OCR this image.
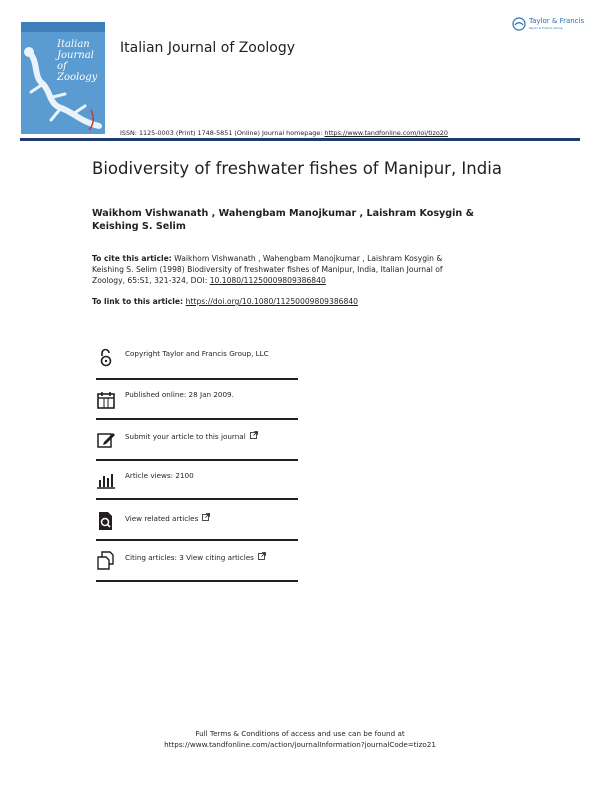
Italian
Journal of
Zoology
Italian Journal of Zoology
Taylor & Francis
Taylor & Francis Group
ISSN: 1125-0003 (Print) 1748-5851 (Online) Journal homepage: https://www.tandfonline.com/loi/tizo20
Biodiversity of freshwater fishes of Manipur, India
Waikhom Vishwanath , Wahengbam Manojkumar , Laishram Kosygin &
Keishing S. Selim
To cite this article: Waikhom Vishwanath , Wahengbam Manojkumar , Laishram Kosygin &
Keishing S. Selim (1998) Biodiversity of freshwater fishes of Manipur, India, Italian Journal of
Zoology, 65:S1, 321-324, DOI: 10.1080/11250009809386840
To link to this article: https://doi.org/10.1080/11250009809386840
Copyright Taylor and Francis Group, LLC
Published online: 28 Jan 2009.
Submit your article to this journal
Article views: 2100
View related articles
Citing articles: 3 View citing articles
Full Terms & Conditions of access and use can be found at
https://www.tandfonline.com/action/journalInformation?journalCode=tizo21
